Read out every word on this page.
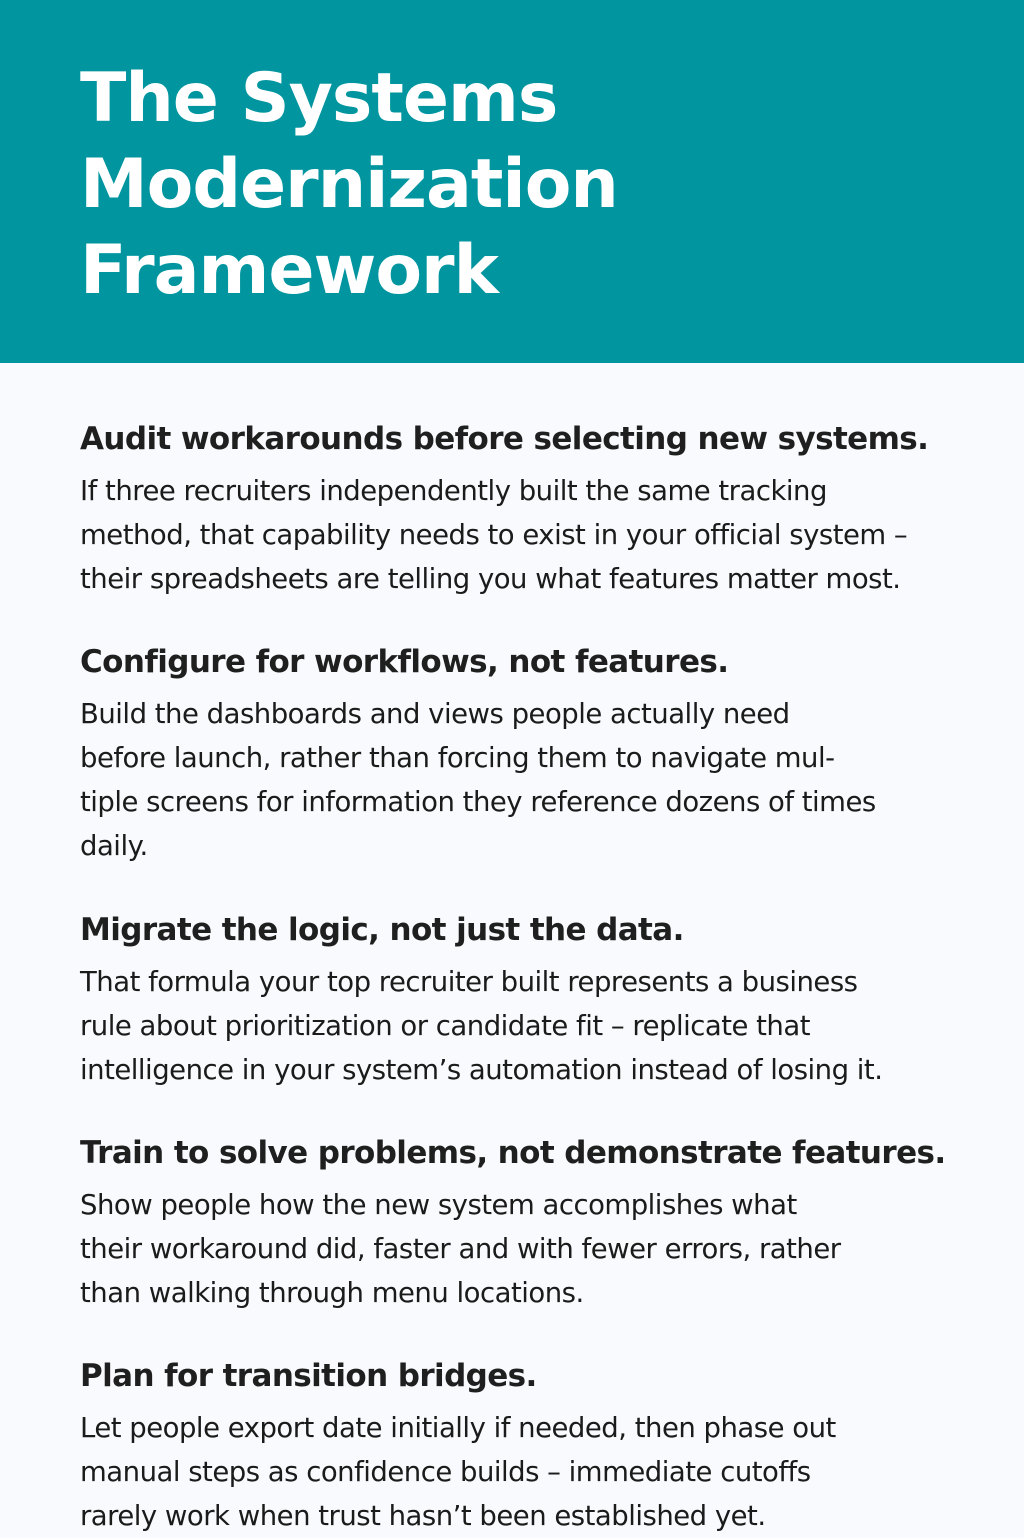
The Systems
Modernization
Framework
Audit workarounds before selecting new systems.

If three recruiters independently built the same tracking
method, that capability needs to exist in your official system –
their spreadsheets are telling you what features matter most.

Configure for workflows, not features.

Build the dashboards and views people actually need
before launch, rather than forcing them to navigate mul-
tiple screens for information they reference dozens of times
daily.

Migrate the logic, not just the data.

That formula your top recruiter built represents a business
rule about prioritization or candidate fit – replicate that
intelligence in your system’s automation instead of losing it.

Train to solve problems, not demonstrate features.

Show people how the new system accomplishes what
their workaround did, faster and with fewer errors, rather
than walking through menu locations.

Plan for transition bridges.

Let people export date initially if needed, then phase out
manual steps as confidence builds – immediate cutoffs
rarely work when trust hasn’t been established yet.
